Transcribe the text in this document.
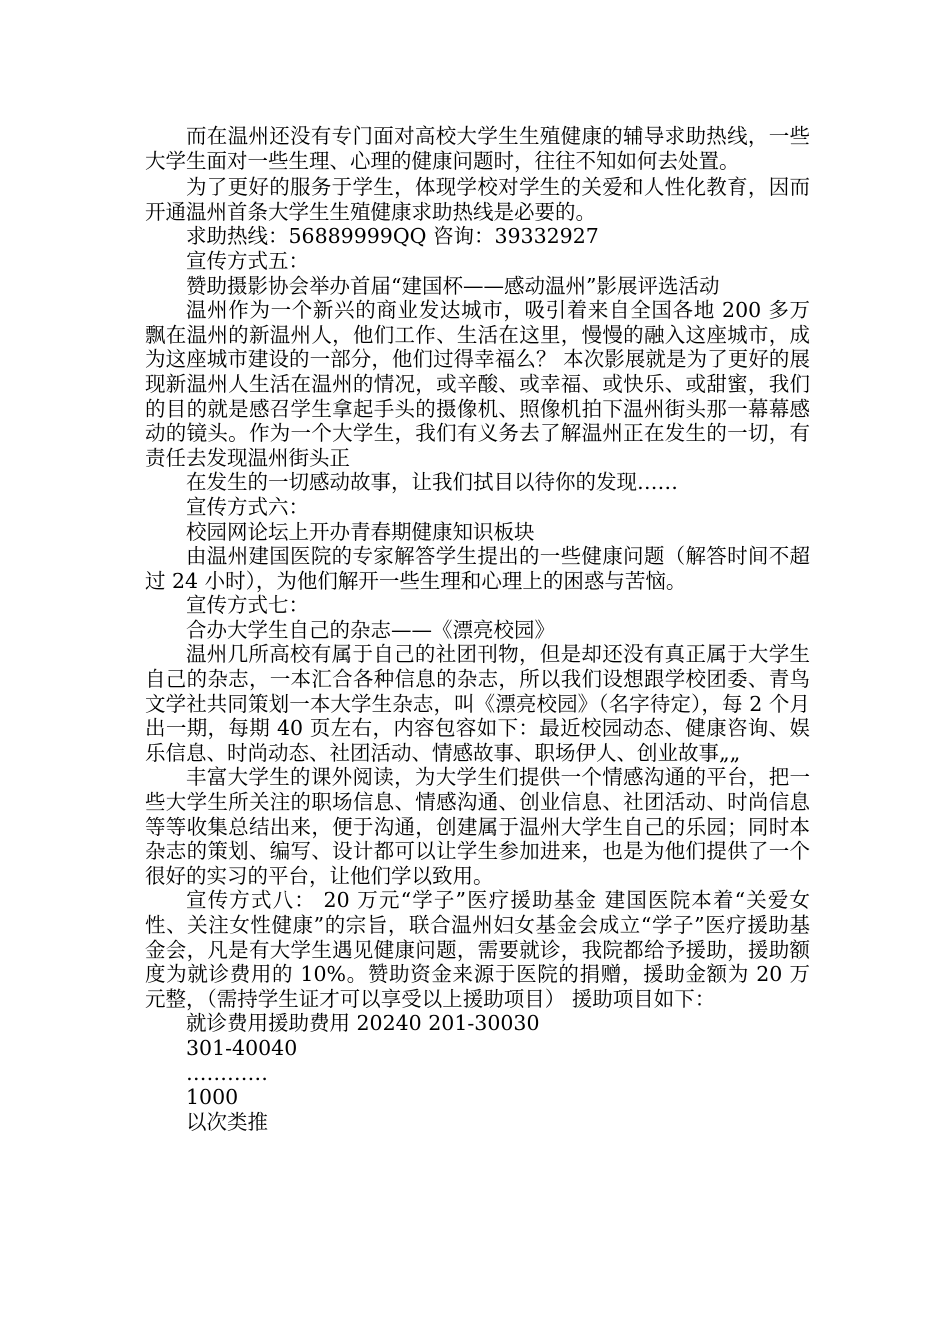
而在温州还没有专门面对高校大学生生殖健康的辅导求助热线，一些大学生面对一些生理、心理的健康问题时，往往不知如何去处置。

为了更好的服务于学生，体现学校对学生的关爱和人性化教育，因而开通温州首条大学生生殖健康求助热线是必要的。

求助热线：56889999QQ 咨询：39332927

宣传方式五：

赞助摄影协会举办首届“建国杯——感动温州”影展评选活动

温州作为一个新兴的商业发达城市，吸引着来自全国各地 200 多万飘在温州的新温州人，他们工作、生活在这里，慢慢的融入这座城市，成为这座城市建设的一部分，他们过得幸福么？ 本次影展就是为了更好的展现新温州人生活在温州的情况，或辛酸、或幸福、或快乐、或甜蜜，我们的目的就是感召学生拿起手头的摄像机、照像机拍下温州街头那一幕幕感动的镜头。作为一个大学生，我们有义务去了解温州正在发生的一切，有责任去发现温州街头正

在发生的一切感动故事，让我们拭目以待你的发现……

宣传方式六：

校园网论坛上开办青春期健康知识板块

由温州建国医院的专家解答学生提出的一些健康问题（解答时间不超过 24 小时），为他们解开一些生理和心理上的困惑与苦恼。

宣传方式七：

合办大学生自己的杂志——《漂亮校园》

温州几所高校有属于自己的社团刊物，但是却还没有真正属于大学生自己的杂志，一本汇合各种信息的杂志，所以我们设想跟学校团委、青鸟文学社共同策划一本大学生杂志，叫《漂亮校园》（名字待定），每 2 个月出一期，每期 40 页左右，内容包容如下：最近校园动态、健康咨询、娱乐信息、时尚动态、社团活动、情感故事、职场伊人、创业故事„„

丰富大学生的课外阅读，为大学生们提供一个情感沟通的平台，把一些大学生所关注的职场信息、情感沟通、创业信息、社团活动、时尚信息等等收集总结出来，便于沟通，创建属于温州大学生自己的乐园；同时本杂志的策划、编写、设计都可以让学生参加进来，也是为他们提供了一个很好的实习的平台，让他们学以致用。

宣传方式八： 20 万元“学子”医疗援助基金 建国医院本着“关爱女性、关注女性健康”的宗旨，联合温州妇女基金会成立“学子”医疗援助基金会，凡是有大学生遇见健康问题，需要就诊，我院都给予援助，援助额度为就诊费用的 10%。赞助资金来源于医院的捐赠，援助金额为 20 万元整，（需持学生证才可以享受以上援助项目） 援助项目如下：

就诊费用援助费用 20240 201-30030

301-40040

…………

1000

以次类推
